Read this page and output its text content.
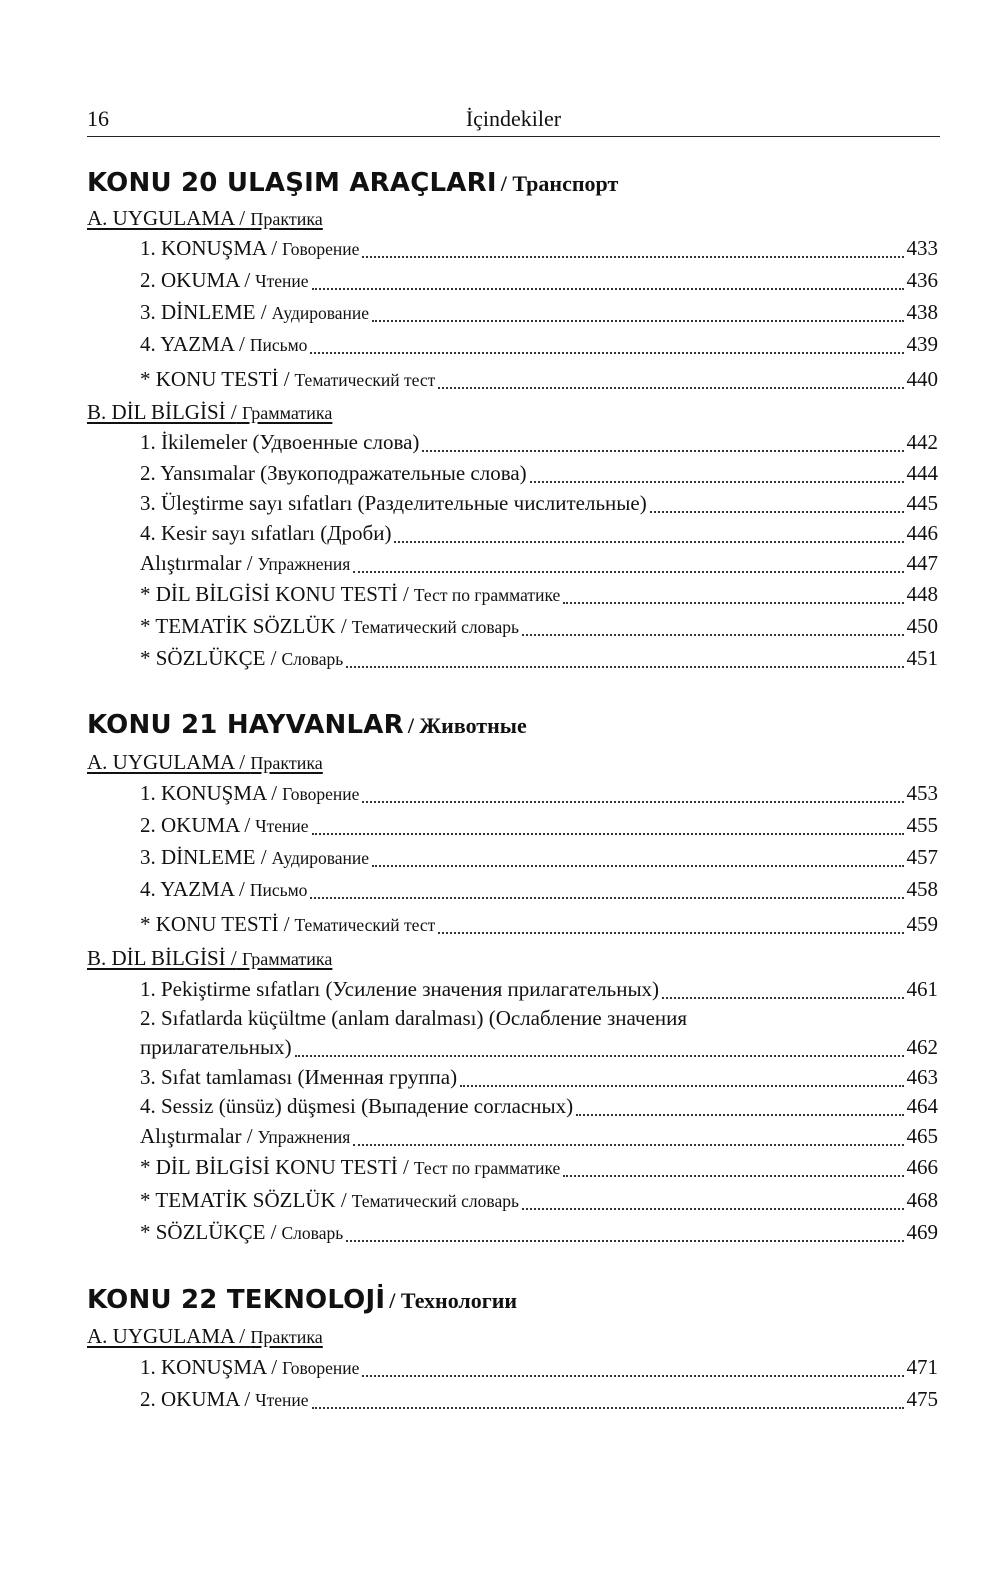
16	İçindekiler
KONU 20 ULAŞIM ARAÇLARI / Транспорт
A. UYGULAMA / Практика
1. KONUŞMA / Говорение	433
2. OKUMA / Чтение	436
3. DİNLEME / Аудирование	438
4. YAZMA / Письмо	439
* KONU TESTİ / Тематический тест	440
B. DİL BİLGİSİ / Грамматика
1. İkilemeler (Удвоенные слова)	442
2. Yansımalar (Звукоподражательные слова)	444
3. Üleştirme sayı sıfatları (Разделительные числительные)	445
4. Kesir sayı sıfatları (Дроби)	446
Alıştırmalar / Упражнения	447
* DİL BİLGİSİ KONU TESTİ / Тест по грамматике	448
* TEMATİK SÖZLÜK / Тематический словарь	450
* SÖZLÜKÇE / Словарь	451
KONU 21 HAYVANLAR / Животные
A. UYGULAMA / Практика
1. KONUŞMA / Говорение	453
2. OKUMA / Чтение	455
3. DİNLEME / Аудирование	457
4. YAZMA / Письмо	458
* KONU TESTİ / Тематический тест	459
B. DİL BİLGİSİ / Грамматика
1. Pekiştirme sıfatları (Усиление значения прилагательных)	461
2. Sıfatlarda küçültme (anlam daralması) (Ослабление значения
прилагательных)	462
3. Sıfat tamlaması (Именная группа)	463
4. Sessiz (ünsüz) düşmesi (Выпадение согласных)	464
Alıştırmalar / Упражнения	465
* DİL BİLGİSİ KONU TESTİ / Тест по грамматике	466
* TEMATİK SÖZLÜK / Тематический словарь	468
* SÖZLÜKÇE / Словарь	469
KONU 22 TEKNOLOJİ / Технологии
A. UYGULAMA / Практика
1. KONUŞMA / Говорение	471
2. OKUMA / Чтение	475
